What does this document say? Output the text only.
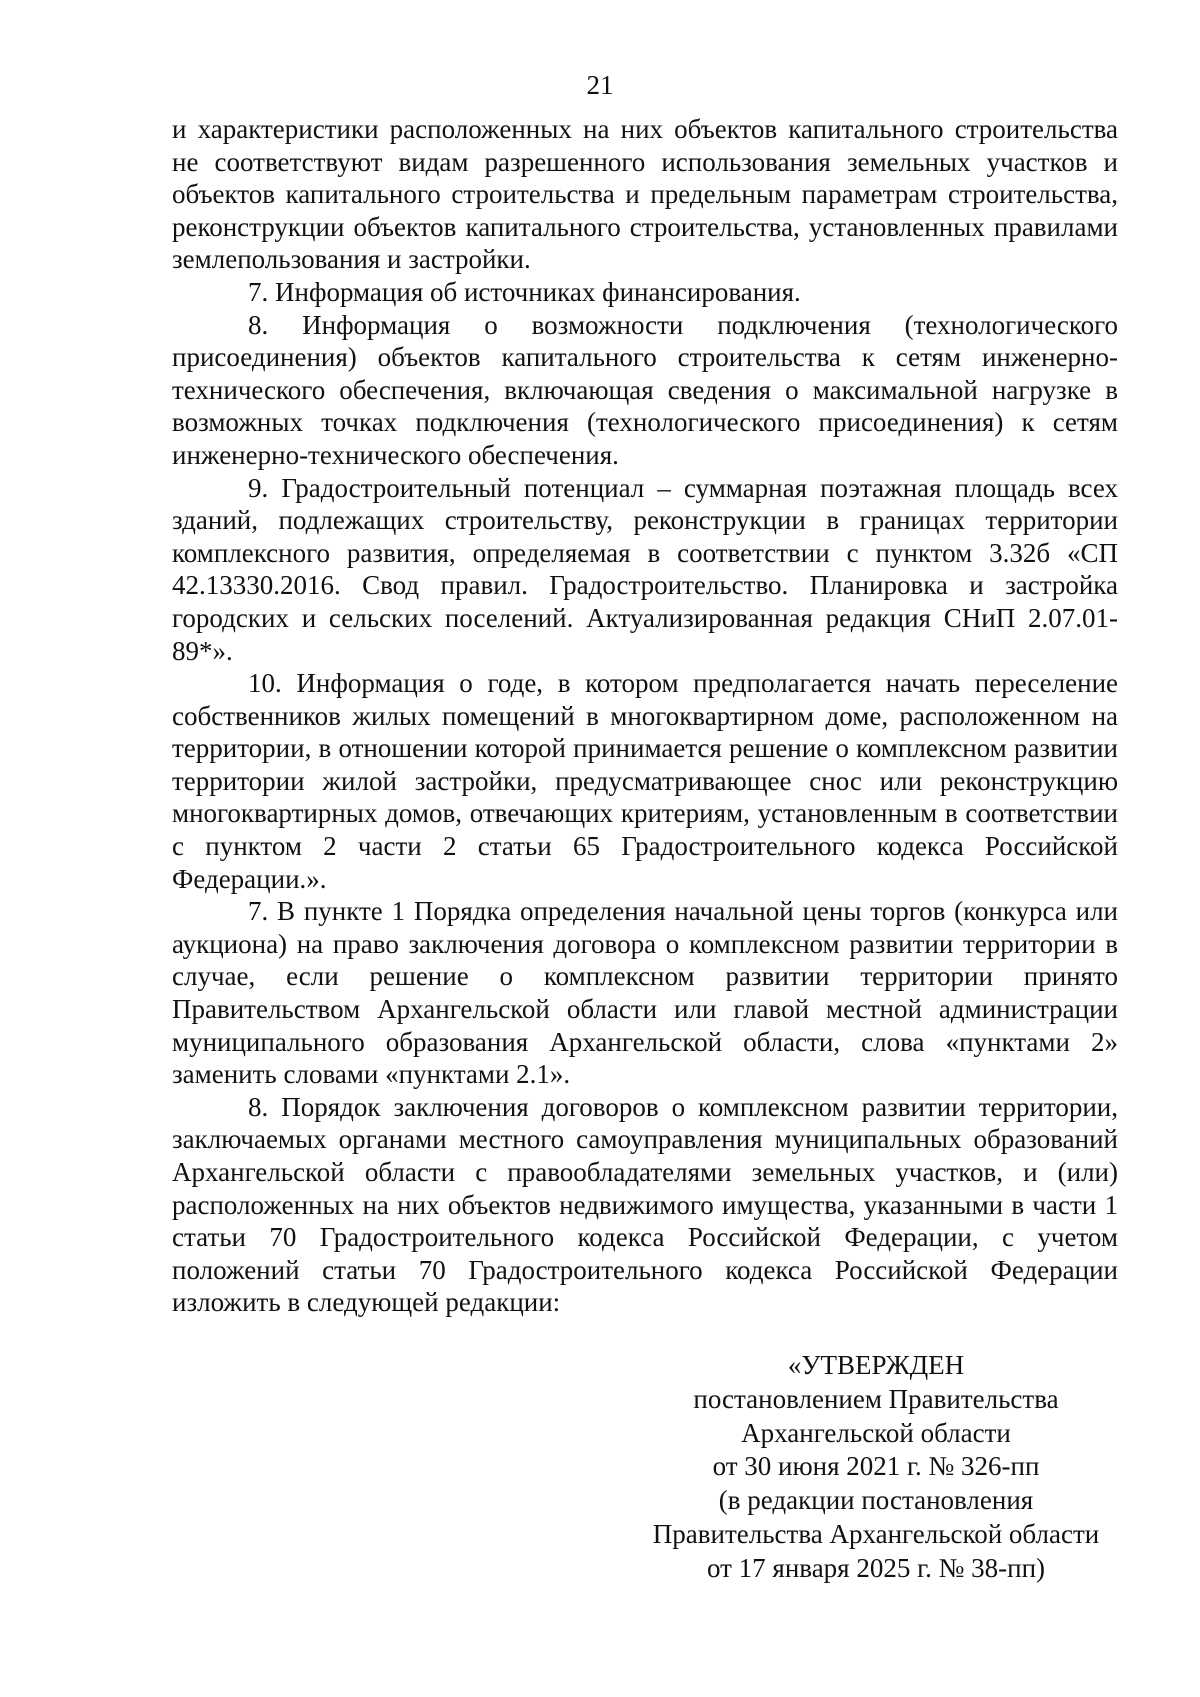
21

и характеристики расположенных на них объектов капитального строительства не соответствуют видам разрешенного использования земельных участков и объектов капитального строительства и предельным параметрам строительства, реконструкции объектов капитального строительства, установленных правилами землепользования и застройки.

7. Информация об источниках финансирования.

8. Информация о возможности подключения (технологического присоединения) объектов капитального строительства к сетям инженерно-технического обеспечения, включающая сведения о максимальной нагрузке в возможных точках подключения (технологического присоединения) к сетям инженерно-технического обеспечения.

9. Градостроительный потенциал – суммарная поэтажная площадь всех зданий, подлежащих строительству, реконструкции в границах территории комплексного развития, определяемая в соответствии с пунктом 3.32б «СП 42.13330.2016. Свод правил. Градостроительство. Планировка и застройка городских и сельских поселений. Актуализированная редакция СНиП 2.07.01-89*».

10. Информация о годе, в котором предполагается начать переселение собственников жилых помещений в многоквартирном доме, расположенном на территории, в отношении которой принимается решение о комплексном развитии территории жилой застройки, предусматривающее снос или реконструкцию многоквартирных домов, отвечающих критериям, установленным в соответствии с пунктом 2 части 2 статьи 65 Градостроительного кодекса Российской Федерации.».

7. В пункте 1 Порядка определения начальной цены торгов (конкурса или аукциона) на право заключения договора о комплексном развитии территории в случае, если решение о комплексном развитии территории принято Правительством Архангельской области или главой местной администрации муниципального образования Архангельской области, слова «пунктами 2» заменить словами «пунктами 2.1».

8. Порядок заключения договоров о комплексном развитии территории, заключаемых органами местного самоуправления муниципальных образований Архангельской области с правообладателями земельных участков, и (или) расположенных на них объектов недвижимого имущества, указанными в части 1 статьи 70 Градостроительного кодекса Российской Федерации, с учетом положений статьи 70 Градостроительного кодекса Российской Федерации изложить в следующей редакции:

«УТВЕРЖДЕН
постановлением Правительства
Архангельской области
от 30 июня 2021 г. № 326-пп
(в редакции постановления
Правительства Архангельской области
от 17 января 2025 г. № 38-пп)
